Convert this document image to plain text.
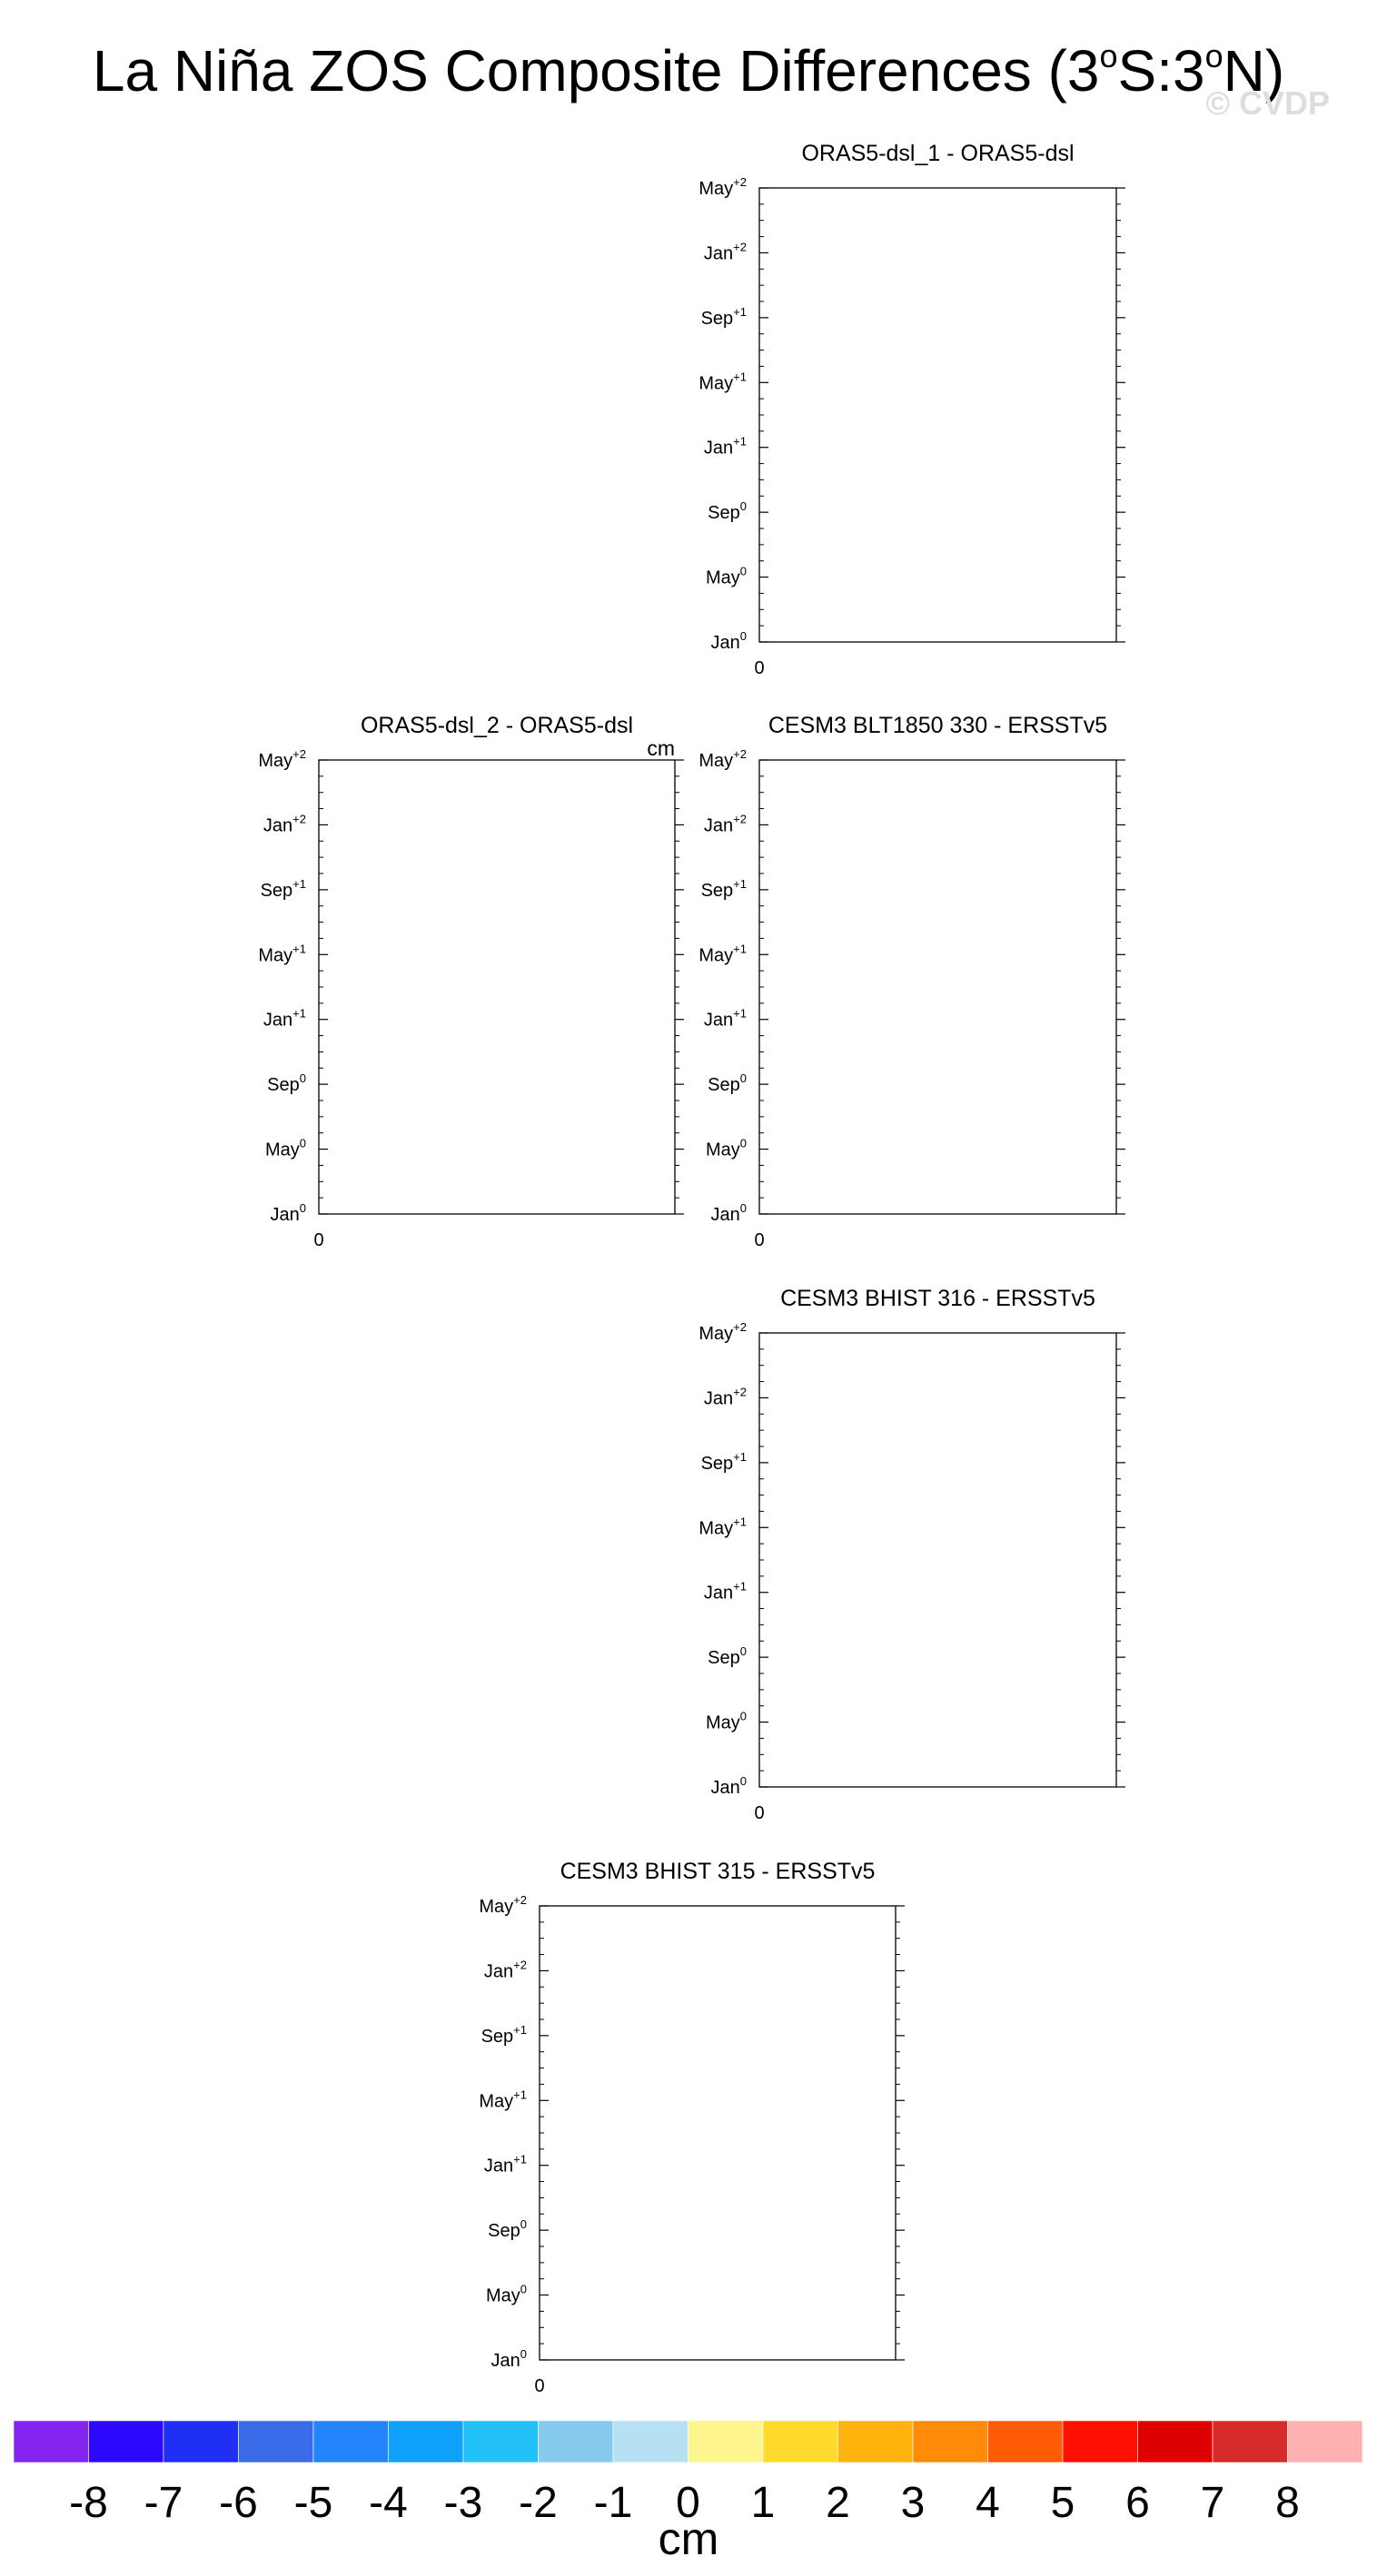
La Niña ZOS Composite Differences (3$^o$S:3$^o$N)
© CVDP
ORAS5-dsl_1 - ORAS5-dsl
Jan$^0$
May$^0$
Sep$^0$
Jan$^{+1}$
May$^{+1}$
Sep$^{+1}$
Jan$^{+2}$
May$^{+2}$
0
ORAS5-dsl_2 - ORAS5-dsl
cm
Jan$^0$
May$^0$
Sep$^0$
Jan$^{+1}$
May$^{+1}$
Sep$^{+1}$
Jan$^{+2}$
May$^{+2}$
0
CESM3 BLT1850 330 - ERSSTv5
Jan$^0$
May$^0$
Sep$^0$
Jan$^{+1}$
May$^{+1}$
Sep$^{+1}$
Jan$^{+2}$
May$^{+2}$
0
CESM3 BHIST 316 - ERSSTv5
Jan$^0$
May$^0$
Sep$^0$
Jan$^{+1}$
May$^{+1}$
Sep$^{+1}$
Jan$^{+2}$
May$^{+2}$
0
CESM3 BHIST 315 - ERSSTv5
Jan$^0$
May$^0$
Sep$^0$
Jan$^{+1}$
May$^{+1}$
Sep$^{+1}$
Jan$^{+2}$
May$^{+2}$
0
-8 -7 -6 -5 -4 -3 -2 -1 0 1 2 3 4 5 6 7 8
cm
